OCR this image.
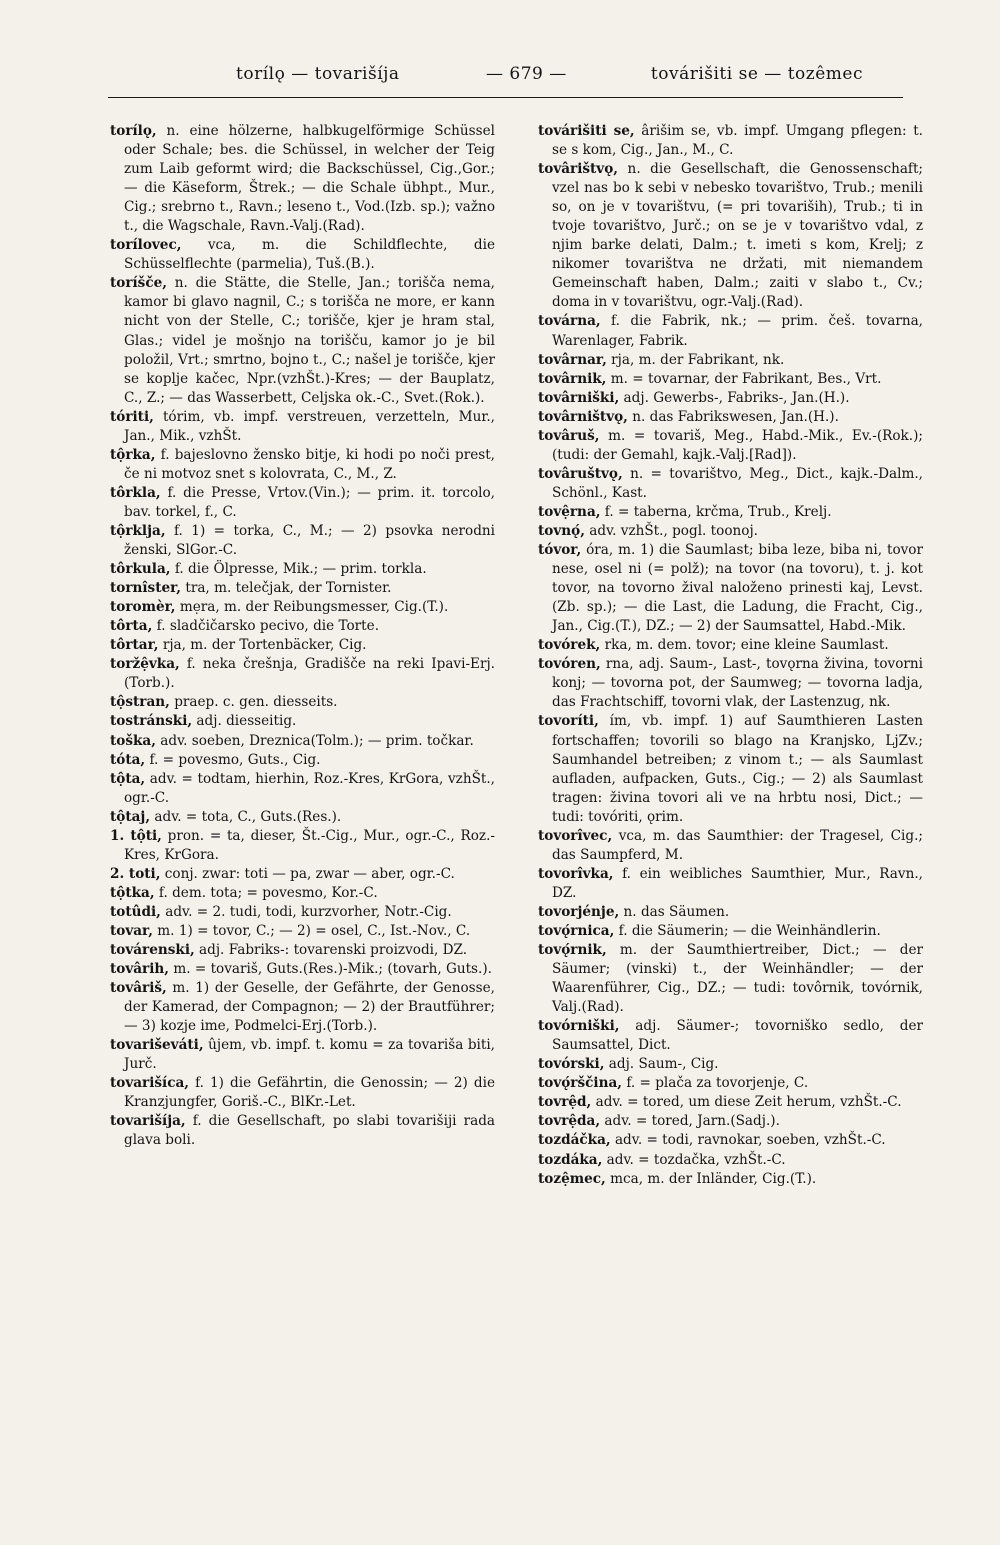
torílǫ — tovarišíja	— 679 —	továrišiti se — tozêmec

torílǫ, n. eine hölzerne, halbkugelförmige Schüssel oder Schale; bes. die Schüssel, in welcher der Teig zum Laib geformt wird; die Backschüssel, Cig.,Gor.; — die Käseform, Štrek.; — die Schale übhpt., Mur., Cig.; srebrno t., Ravn.; leseno t., Vod.(Izb. sp.); važno t., die Wagschale, Ravn.-Valj.(Rad).

torílovec, vca, m. die Schildflechte, die Schüsselflechte (parmelia), Tuš.(B.).

toríšče, n. die Stätte, die Stelle, Jan.; torišča nema, kamor bi glavo nagnil, C.; s torišča ne more, er kann nicht von der Stelle, C.; torišče, kjer je hram stal, Glas.; videl je mošnjo na torišču, kamor jo je bil položil, Vrt.; smrtno, bojno t., C.; našel je torišče, kjer se koplje kačec, Npr.(vzhŠt.)-Kres; — der Bauplatz, C., Z.; — das Wasserbett, Celjska ok.-C., Svet.(Rok.).

tóriti, tórim, vb. impf. verstreuen, verzetteln, Mur., Jan., Mik., vzhŠt.

tộrka, f. bajeslovno žensko bitje, ki hodi po noči prest, če ni motvoz snet s kolovrata, C., M., Z.

tôrkla, f. die Presse, Vrtov.(Vin.); — prim. it. torcolo, bav. torkel, f., C.

tộrklja, f. 1) = torka, C., M.; — 2) psovka nerodni ženski, SlGor.-C.

tôrkula, f. die Ölpresse, Mik.; — prim. torkla.

tornîster, tra, m. telečjak, der Tornister.

toromèr, mẹra, m. der Reibungsmesser, Cig.(T.).

tôrta, f. sladčičarsko pecivo, die Torte.

tôrtar, rja, m. der Tortenbäcker, Cig.

toržệvka, f. neka črešnja, Gradišče na reki Ipavi-Erj.(Torb.).

tộstran, praep. c. gen. diesseits.

tostránski, adj. diesseitig.

toška, adv. soeben, Dreznica(Tolm.); — prim. točkar.

tóta, f. = povesmo, Guts., Cig.

tộta, adv. = todtam, hierhin, Roz.-Kres, KrGora, vzhŠt., ogr.-C.

tộtaj, adv. = tota, C., Guts.(Res.).

1. tộti, pron. = ta, dieser, Št.-Cig., Mur., ogr.-C., Roz.-Kres, KrGora.

2. toti, conj. zwar: toti — pa, zwar — aber, ogr.-C.

tộtka, f. dem. tota; = povesmo, Kor.-C.

totûdi, adv. = 2. tudi, todi, kurzvorher, Notr.-Cig.

tovar, m. 1) = tovor, C.; — 2) = osel, C., Ist.-Nov., C.

továrenski, adj. Fabriks-: tovarenski proizvodi, DZ.

tovârih, m. = tovariš, Guts.(Res.)-Mik.; (tovarh, Guts.).

tovâriš, m. 1) der Geselle, der Gefährte, der Genosse, der Kamerad, der Compagnon; — 2) der Brautführer; — 3) kozje ime, Podmelci-Erj.(Torb.).

tovariševáti, ûjem, vb. impf. t. komu = za tovariša biti, Jurč.

tovarišíca, f. 1) die Gefährtin, die Genossin; — 2) die Kranzjungfer, Goriš.-C., BlKr.-Let.

tovarišíja, f. die Gesellschaft, po slabi tovarišiji rada glava boli.

továrišiti se, ârišim se, vb. impf. Umgang pflegen: t. se s kom, Cig., Jan., M., C.

tovârištvǫ, n. die Gesellschaft, die Genossenschaft; vzel nas bo k sebi v nebesko tovarištvo, Trub.; menili so, on je v tovarištvu, (= pri tovariših), Trub.; ti in tvoje tovarištvo, Jurč.; on se je v tovarištvo vdal, z njim barke delati, Dalm.; t. imeti s kom, Krelj; z nikomer tovarištva ne držati, mit niemandem Gemeinschaft haben, Dalm.; zaiti v slabo t., Cv.; doma in v tovarištvu, ogr.-Valj.(Rad).

továrna, f. die Fabrik, nk.; — prim. češ. tovarna, Warenlager, Fabrik.

tovârnar, rja, m. der Fabrikant, nk.

tovârnik, m. = tovarnar, der Fabrikant, Bes., Vrt.

tovârniški, adj. Gewerbs-, Fabriks-, Jan.(H.).

tovârništvǫ, n. das Fabrikswesen, Jan.(H.).

tovâruš, m. = tovariš, Meg., Habd.-Mik., Ev.-(Rok.); (tudi: der Gemahl, kajk.-Valj.[Rad]).

tovâruštvǫ, n. = tovarištvo, Meg., Dict., kajk.-Dalm., Schönl., Kast.

tovệrna, f. = taberna, krčma, Trub., Krelj.

tovnǫ́, adv. vzhŠt., pogl. toonoj.

tóvor, óra, m. 1) die Saumlast; biba leze, biba ni, tovor nese, osel ni (= polž); na tovor (na tovoru), t. j. kot tovor, na tovorno žival naloženo prinesti kaj, Levst.(Zb. sp.); — die Last, die Ladung, die Fracht, Cig., Jan., Cig.(T.), DZ.; — 2) der Saumsattel, Habd.-Mik.

tovórek, rka, m. dem. tovor; eine kleine Saumlast.

tovóren, rna, adj. Saum-, Last-, tovǫrna živina, tovorni konj; — tovorna pot, der Saumweg; — tovorna ladja, das Frachtschiff, tovorni vlak, der Lastenzug, nk.

tovoríti, ím, vb. impf. 1) auf Saumthieren Lasten fortschaffen; tovorili so blago na Kranjsko, LjZv.; Saumhandel betreiben; z vinom t.; — als Saumlast aufladen, aufpacken, Guts., Cig.; — 2) als Saumlast tragen: živina tovori ali ve na hrbtu nosi, Dict.; — tudi: tovóriti, ǫrim.

tovorîvec, vca, m. das Saumthier: der Tragesel, Cig.; das Saumpferd, M.

tovorîvka, f. ein weibliches Saumthier, Mur., Ravn., DZ.

tovorjénje, n. das Säumen.

tovǫ́rnica, f. die Säumerin; — die Weinhändlerin.

tovǫ́rnik, m. der Saumthiertreiber, Dict.; — der Säumer; (vinski) t., der Weinhändler; — der Waarenführer, Cig., DZ.; — tudi: tovôrnik, tovórnik, Valj.(Rad).

tovórniški, adj. Säumer-; tovorniško sedlo, der Saumsattel, Dict.

tovórski, adj. Saum-, Cig.

tovǫ́rščina, f. = plača za tovorjenje, C.

tovrệd, adv. = tored, um diese Zeit herum, vzhŠt.-C.

tovrệda, adv. = tored, Jarn.(Sadj.).

tozdáčka, adv. = todi, ravnokar, soeben, vzhŠt.-C.

tozdáka, adv. = tozdačka, vzhŠt.-C.

tozệmec, mca, m. der Inländer, Cig.(T.).
